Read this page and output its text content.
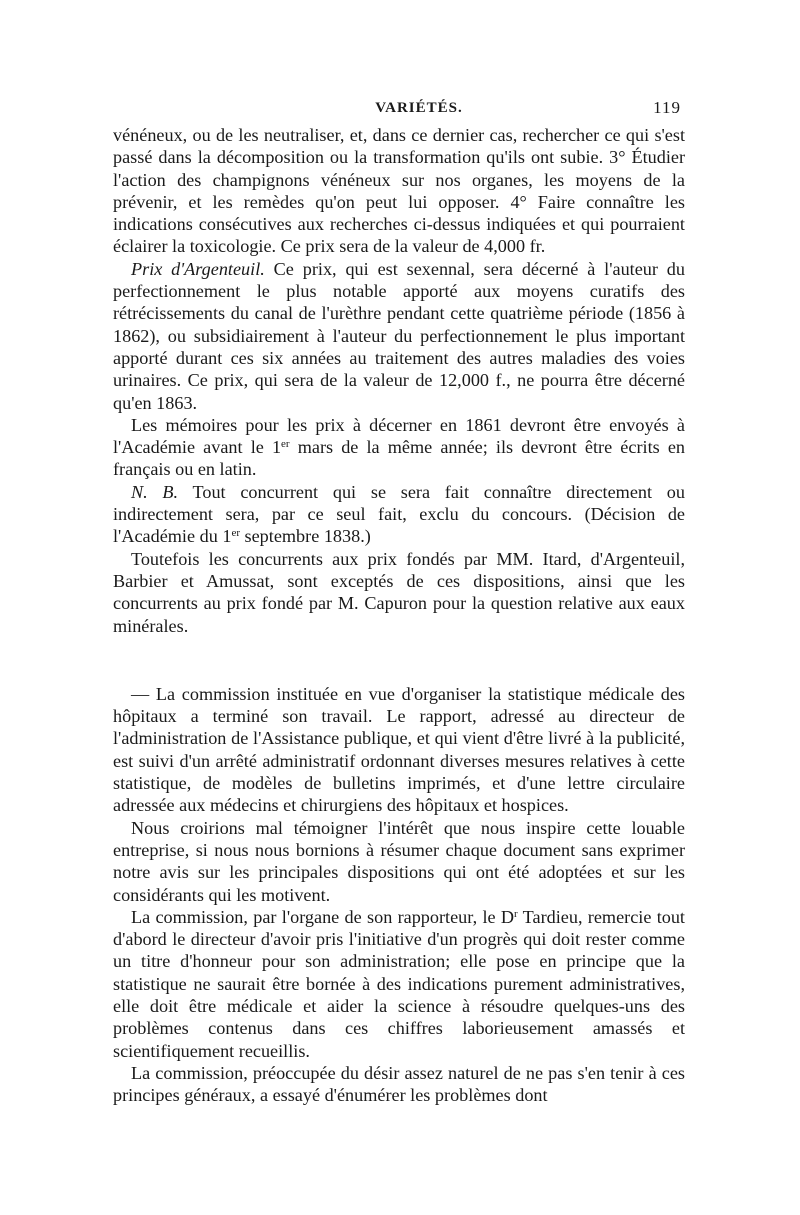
VARIÉTÉS.	119

vénéneux, ou de les neutraliser, et, dans ce dernier cas, rechercher ce qui s'est passé dans la décomposition ou la transformation qu'ils ont subie. 3° Étudier l'action des champignons vénéneux sur nos organes, les moyens de la prévenir, et les remèdes qu'on peut lui opposer. 4° Faire connaître les indications consécutives aux recherches ci-dessus indiquées et qui pourraient éclairer la toxicologie. Ce prix sera de la valeur de 4,000 fr.

Prix d'Argenteuil. Ce prix, qui est sexennal, sera décerné à l'auteur du perfectionnement le plus notable apporté aux moyens curatifs des rétrécissements du canal de l'urèthre pendant cette quatrième période (1856 à 1862), ou subsidiairement à l'auteur du perfectionnement le plus important apporté durant ces six années au traitement des autres maladies des voies urinaires. Ce prix, qui sera de la valeur de 12,000 f., ne pourra être décerné qu'en 1863.

Les mémoires pour les prix à décerner en 1861 devront être envoyés à l'Académie avant le 1er mars de la même année; ils devront être écrits en français ou en latin.

N. B. Tout concurrent qui se sera fait connaître directement ou indirectement sera, par ce seul fait, exclu du concours. (Décision de l'Académie du 1er septembre 1838.)

Toutefois les concurrents aux prix fondés par MM. Itard, d'Argenteuil, Barbier et Amussat, sont exceptés de ces dispositions, ainsi que les concurrents au prix fondé par M. Capuron pour la question relative aux eaux minérales.

— La commission instituée en vue d'organiser la statistique médicale des hôpitaux a terminé son travail. Le rapport, adressé au directeur de l'administration de l'Assistance publique, et qui vient d'être livré à la publicité, est suivi d'un arrêté administratif ordonnant diverses mesures relatives à cette statistique, de modèles de bulletins imprimés, et d'une lettre circulaire adressée aux médecins et chirurgiens des hôpitaux et hospices.

Nous croirions mal témoigner l'intérêt que nous inspire cette louable entreprise, si nous nous bornions à résumer chaque document sans exprimer notre avis sur les principales dispositions qui ont été adoptées et sur les considérants qui les motivent.

La commission, par l'organe de son rapporteur, le $D^r$ Tardieu, remercie tout d'abord le directeur d'avoir pris l'initiative d'un progrès qui doit rester comme un titre d'honneur pour son administration; elle pose en principe que la statistique ne saurait être bornée à des indications purement administratives, elle doit être médicale et aider la science à résoudre quelques-uns des problèmes contenus dans ces chiffres laborieusement amassés et scientifiquement recueillis.

La commission, préoccupée du désir assez naturel de ne pas s'en tenir à ces principes généraux, a essayé d'énumérer les problèmes dont
